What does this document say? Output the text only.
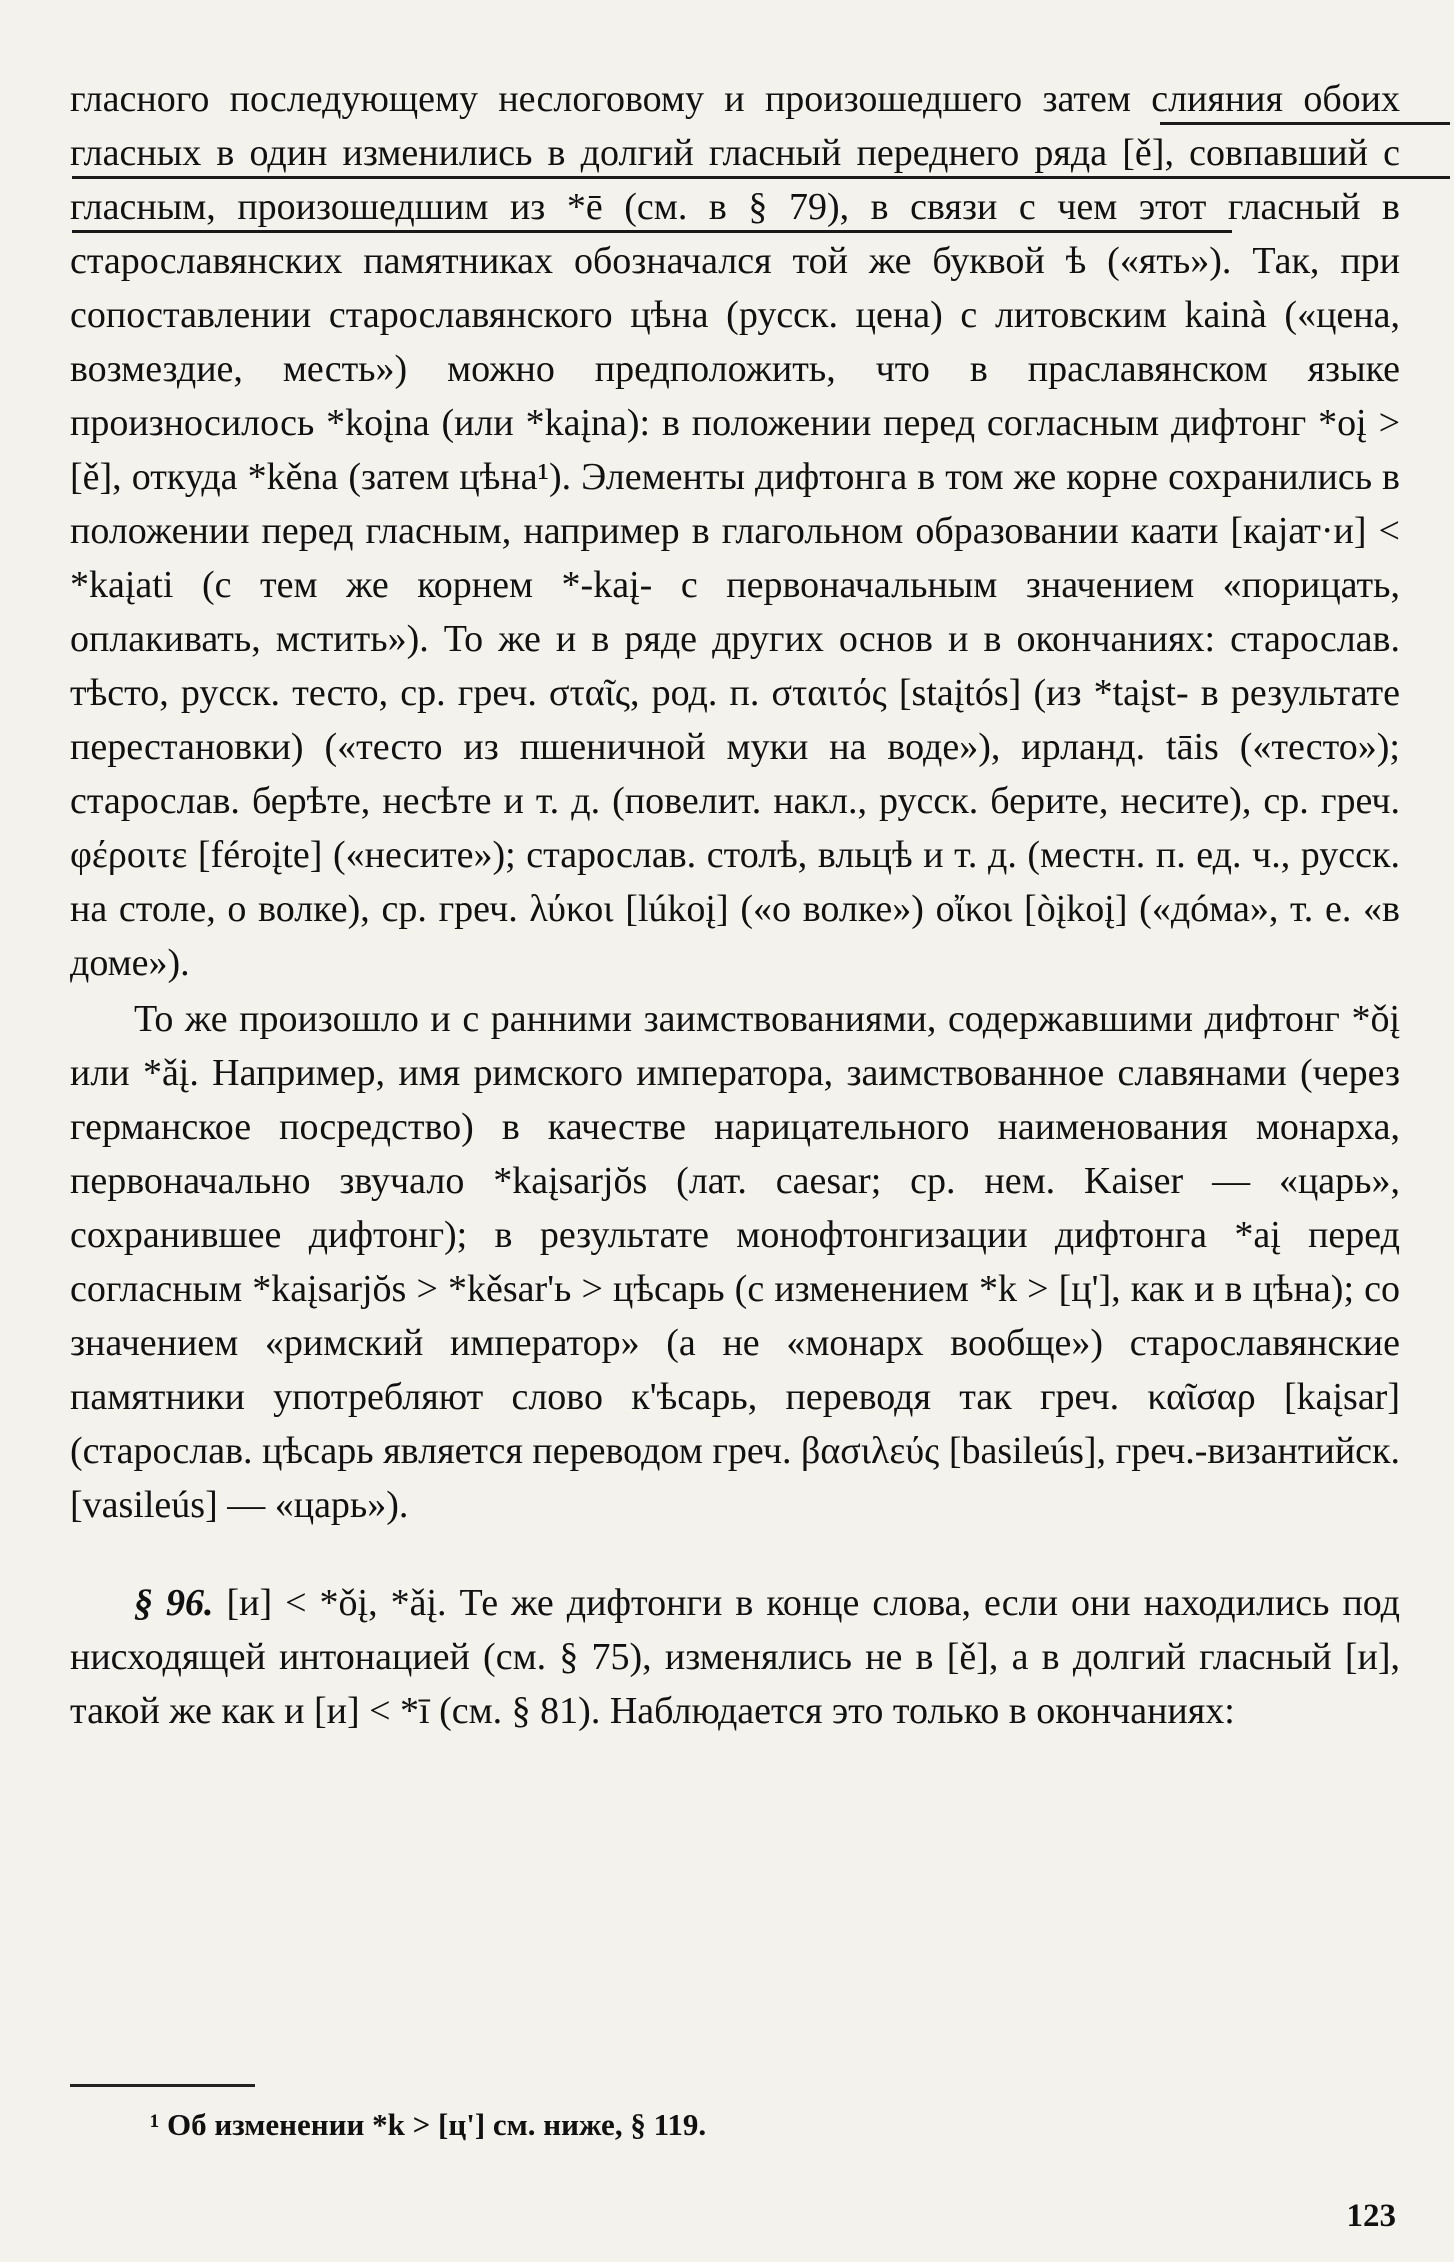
гласного последующему неслоговому и произошедшего затем слияния обоих гласных в один изменились в долгий гласный переднего ряда [ě], совпавший с гласным, произошедшим из *ē (см. в § 79), в связи с чем этот гласный в старославянских памятниках обозначался той же буквой ѣ («ять»). Так, при сопоставлении старославянского цѣна (русск. цена) с литовским kainà («цена, возмездие, месть») можно предположить, что в праславянском языке произносилось *koįna (или *kaįna): в положении перед согласным дифтонг *oį > [ě], откуда *kěna (затем цѣна¹). Элементы дифтонга в том же корне сохранились в положении перед гласным, например в глагольном образовании каати [каjат·и] < *kaįati (с тем же корнем *-kaį- с первоначальным значением «порицать, оплакивать, мстить»). То же и в ряде других основ и в окончаниях: старослав. тѣсто, русск. тесто, ср. греч. σταῖς, род. п. σταιτός [staįtós] (из *taįst- в результате перестановки) («тесто из пшеничной муки на воде»), ирланд. tāis («тесто»); старослав. берѣте, несѣте и т. д. (повелит. накл., русск. берите, несите), ср. греч. φέροιτε [féroįte] («несите»); старослав. столѣ, вльцѣ и т. д. (местн. п. ед. ч., русск. на столе, о волке), ср. греч. λύκοι [lúkoį] («о волке») οἴκοι [òįkoį] («дóма», т. е. «в доме»).

То же произошло и с ранними заимствованиями, содержавшими дифтонг *ǒį или *ǎį. Например, имя римского императора, заимствованное славянами (через германское посредство) в качестве нарицательного наименования монарха, первоначально звучало *kaįsarjŏs (лат. caesar; ср. нем. Kaiser — «царь», сохранившее дифтонг); в результате монофтонгизации дифтонга *aį перед согласным *kaįsarjŏs > *kěsar'ь > цѣсарь (с изменением *k > [ц'], как и в цѣна); со значением «римский император» (а не «монарх вообще») старославянские памятники употребляют слово к'ѣсарь, переводя так греч. καῖσαρ [kaįsar] (старослав. цѣсарь является переводом греч. βασιλεύς [basileús], греч.-византийск. [vasileús] — «царь»).

§ 96. [и] < *ǒį, *ǎį. Те же дифтонги в конце слова, если они находились под нисходящей интонацией (см. § 75), изменялись не в [ě], а в долгий гласный [и], такой же как и [и] < *ī (см. § 81). Наблюдается это только в окончаниях:

¹ Об изменении *k > [ц'] см. ниже, § 119.
123
